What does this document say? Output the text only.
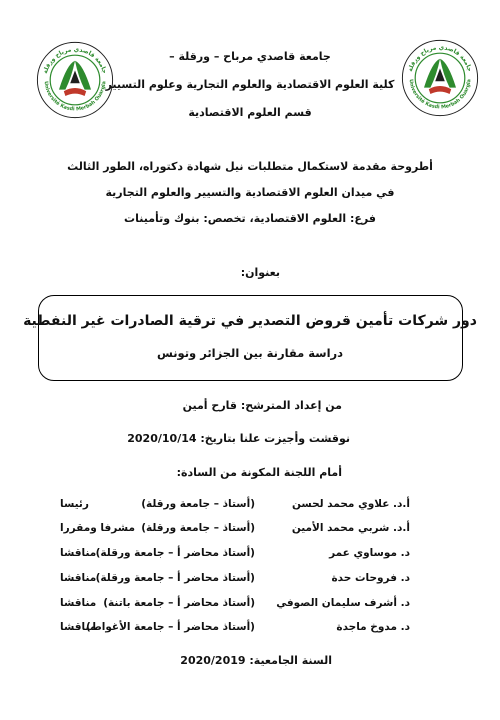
جامعة قاصدي مرباح ورقلة
Université Kasdi Merbah Ouargla
جامعة قاصدي مرباح ورقلة
Université Kasdi Merbah Ouargla
جامعة قاصدي مرباح – ورقلة –
كلية العلوم الاقتصادية والعلوم التجارية وعلوم التسيير
قسم العلوم الاقتصادية
أطروحة مقدمة لاستكمال متطلبات نيل شهادة دكتوراه، الطور الثالث
في ميدان العلوم الاقتصادية والتسيير والعلوم التجارية
فرع: العلوم الاقتصادية، تخصص: بنوك وتأمينات
بعنوان:
دور شركات تأمين قروض التصدير في ترقية الصادرات غير النفطية
دراسة مقارنة بين الجزائر وتونس
من إعداد المترشح: قارح أمين
نوقشت وأجيزت علنا بتاريخ: 2020/10/14
أمام اللجنة المكونة من السادة:
أ.د. علاوي محمد لحسن
(أستاذ – جامعة ورقلة)
رئيسا
أ.د. شربي محمد الأمين
(أستاذ – جامعة ورقلة)
مشرفا ومقررا
د. موساوي عمر
(أستاذ محاضر أ – جامعة ورقلة)
مناقشا
د. فروحات حدة
(أستاذ محاضر أ – جامعة ورقلة)
مناقشا
د. أشرف سليمان الصوفي
(أستاذ محاضر أ – جامعة باتنة)
مناقشا
د. مدوخ ماجدة
(أستاذ محاضر أ – جامعة الأغواط)
مناقشا
السنة الجامعية: 2020/2019
